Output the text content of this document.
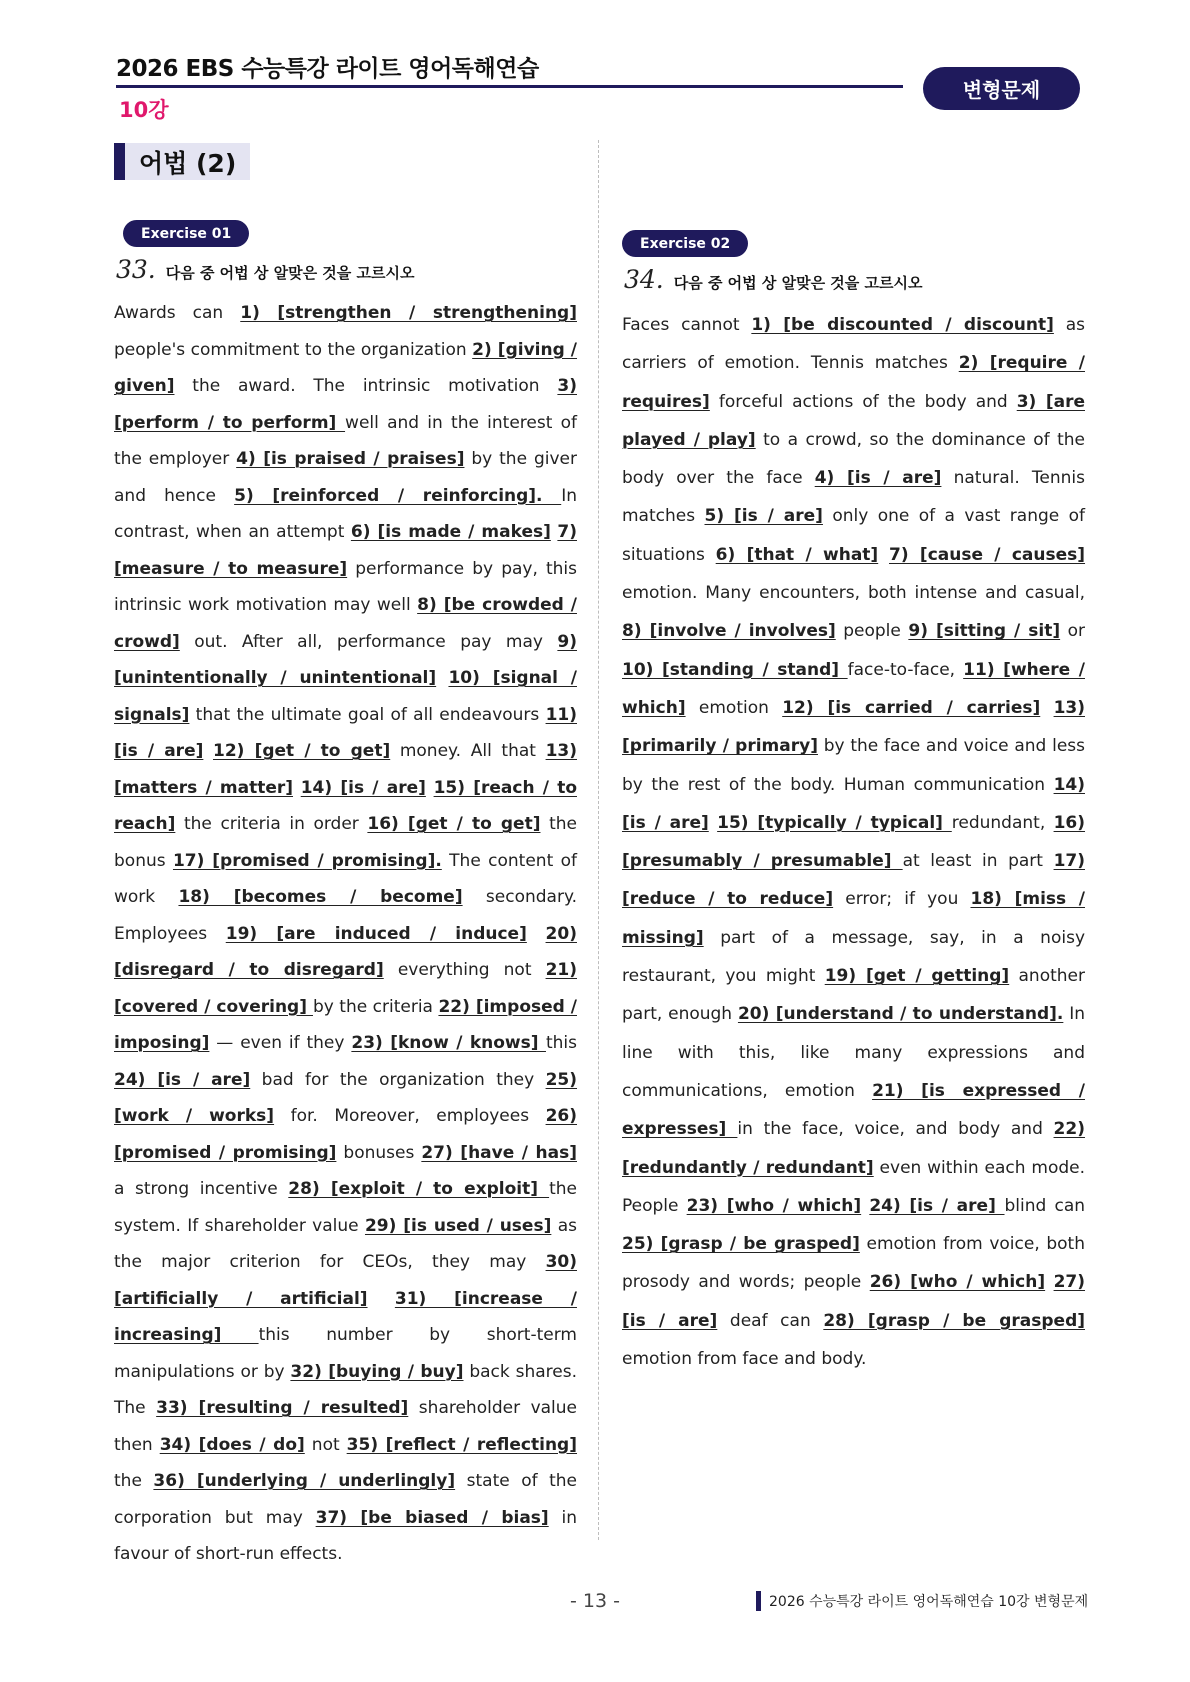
2026 EBS 수능특강 라이트 영어독해연습
10강
변형문제
어법 (2)
Exercise 01
33. 다음 중 어법 상 알맞은 것을 고르시오

Awards can 1) [strengthen / strengthening] people's commitment to the organization 2) [giving / given] the award. The intrinsic motivation 3) [perform / to perform] well and in the interest of the employer 4) [is praised / praises] by the giver and hence 5) [reinforced / reinforcing]. In contrast, when an attempt 6) [is made / makes] 7) [measure / to measure] performance by pay, this intrinsic work motivation may well 8) [be crowded / crowd] out. After all, performance pay may 9) [unintentionally / unintentional] 10) [signal / signals] that the ultimate goal of all endeavours 11) [is / are] 12) [get / to get] money. All that 13) [matters / matter] 14) [is / are] 15) [reach / to reach] the criteria in order 16) [get / to get] the bonus 17) [promised / promising]. The content of work 18) [becomes / become] secondary. Employees 19) [are induced / induce] 20) [disregard / to disregard] everything not 21) [covered / covering] by the criteria 22) [imposed / imposing] — even if they 23) [know / knows] this 24) [is / are] bad for the organization they 25) [work / works] for. Moreover, employees 26) [promised / promising] bonuses 27) [have / has] a strong incentive 28) [exploit / to exploit] the system. If shareholder value 29) [is used / uses] as the major criterion for CEOs, they may 30) [artificially / artificial] 31) [increase / increasing] this number by short-term manipulations or by 32) [buying / buy] back shares. The 33) [resulting / resulted] shareholder value then 34) [does / do] not 35) [reflect / reflecting] the 36) [underlying / underlingly] state of the corporation but may 37) [be biased / bias] in favour of short-run effects.

Exercise 02
34. 다음 중 어법 상 알맞은 것을 고르시오

Faces cannot 1) [be discounted / discount] as carriers of emotion. Tennis matches 2) [require / requires] forceful actions of the body and 3) [are played / play] to a crowd, so the dominance of the body over the face 4) [is / are] natural. Tennis matches 5) [is / are] only one of a vast range of situations 6) [that / what] 7) [cause / causes] emotion. Many encounters, both intense and casual, 8) [involve / involves] people 9) [sitting / sit] or 10) [standing / stand] face-to-face, 11) [where / which] emotion 12) [is carried / carries] 13) [primarily / primary] by the face and voice and less by the rest of the body. Human communication 14) [is / are] 15) [typically / typical] redundant, 16) [presumably / presumable] at least in part 17) [reduce / to reduce] error; if you 18) [miss / missing] part of a message, say, in a noisy restaurant, you might 19) [get / getting] another part, enough 20) [understand / to understand]. In line with this, like many expressions and communications, emotion 21) [is expressed / expresses] in the face, voice, and body and 22) [redundantly / redundant] even within each mode. People 23) [who / which] 24) [is / are] blind can 25) [grasp / be grasped] emotion from voice, both prosody and words; people 26) [who / which] 27) [is / are] deaf can 28) [grasp / be grasped] emotion from face and body.

- 13 -	2026 수능특강 라이트 영어독해연습 10강 변형문제
